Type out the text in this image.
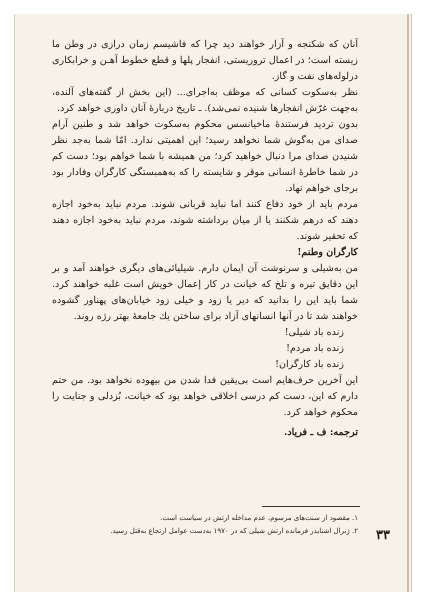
آنان که شکنجه و آزار خواهند دید چرا که فاشیسم زمان درازی در وطن ما زیسته است؛ در اعمال تروریستی، انفجار پلها و قطع خطوط آهـن و خرابکاری درلوله‌های نفت و گاز.

نظر به‌سکوت کسانی که موظف به‌اجرای... (این بخش از گفته‌های آلنده، به‌جهت غرّش انفجارها شنیده نمی‌شد). ـ تاریخ دربارهٔ آنان داوری خواهد کرد.

بدون تردید فرستندهٔ ماخیانسس محکوم به‌سکوت خواهد شد و طنین آرام صدای من به‌گوش شما نخواهد رسید؛ این اهمیتی ندارد. امّا شما به‌جد نظر شنیدن صدای مرا دنبال خواهید کرد؛ من همیشه با شما خواهم بود؛ دست کم در شما خاطرهٔ انسانی موقر و شایسته را که به‌همبستگی کارگران وفادار بود برجای خواهم نهاد.

مردم باید از خود دفاع کنند اما نباید قربانی شوند. مردم نباید به‌خود اجازه دهند که درهم شکنند یا از میان برداشته شوند، مردم نباید به‌خود اجازه دهند که تحقیر شوند.

کارگران وطنم!

من به‌شیلی و سرنوشت آن ایمان دارم. شیلیائی‌های دیگری خواهند آمد و بر این دقایق تیره و تلخ که خیانت در کار إعمال خویش است غلبه خواهند کرد. شما باید این را بدانید که دیر یا زود و خیلی زود خیابان‌های پهناور گشوده خواهند شد تا در آنها انسانهای آزاد برای ساختن یك جامعهٔ بهتر رژه روند.

زنده باد شیلی!

زنده باد مردم!

زنده باد کارگران!

این آخرین حرف‌هایم است بی‌یقین فدا شدن من بیهوده نخواهد بود. من حتم دارم که این، دست کم درسی اخلاقی خواهد بود که خیانت، بُزدلی و جنایت را محکوم خواهد کرد.

ترجمه: ف ـ فرياد.

۱. مقصود از سنت‌های مرسوم، عدم مداخله ارتش در سیاست است.

۲. ژنرال اشنایدر فرمانده ارتش شیلی که در ۱۹۷۰ به‌دست عوامل ارتجاع به‌قتل رسید. ۳۳
